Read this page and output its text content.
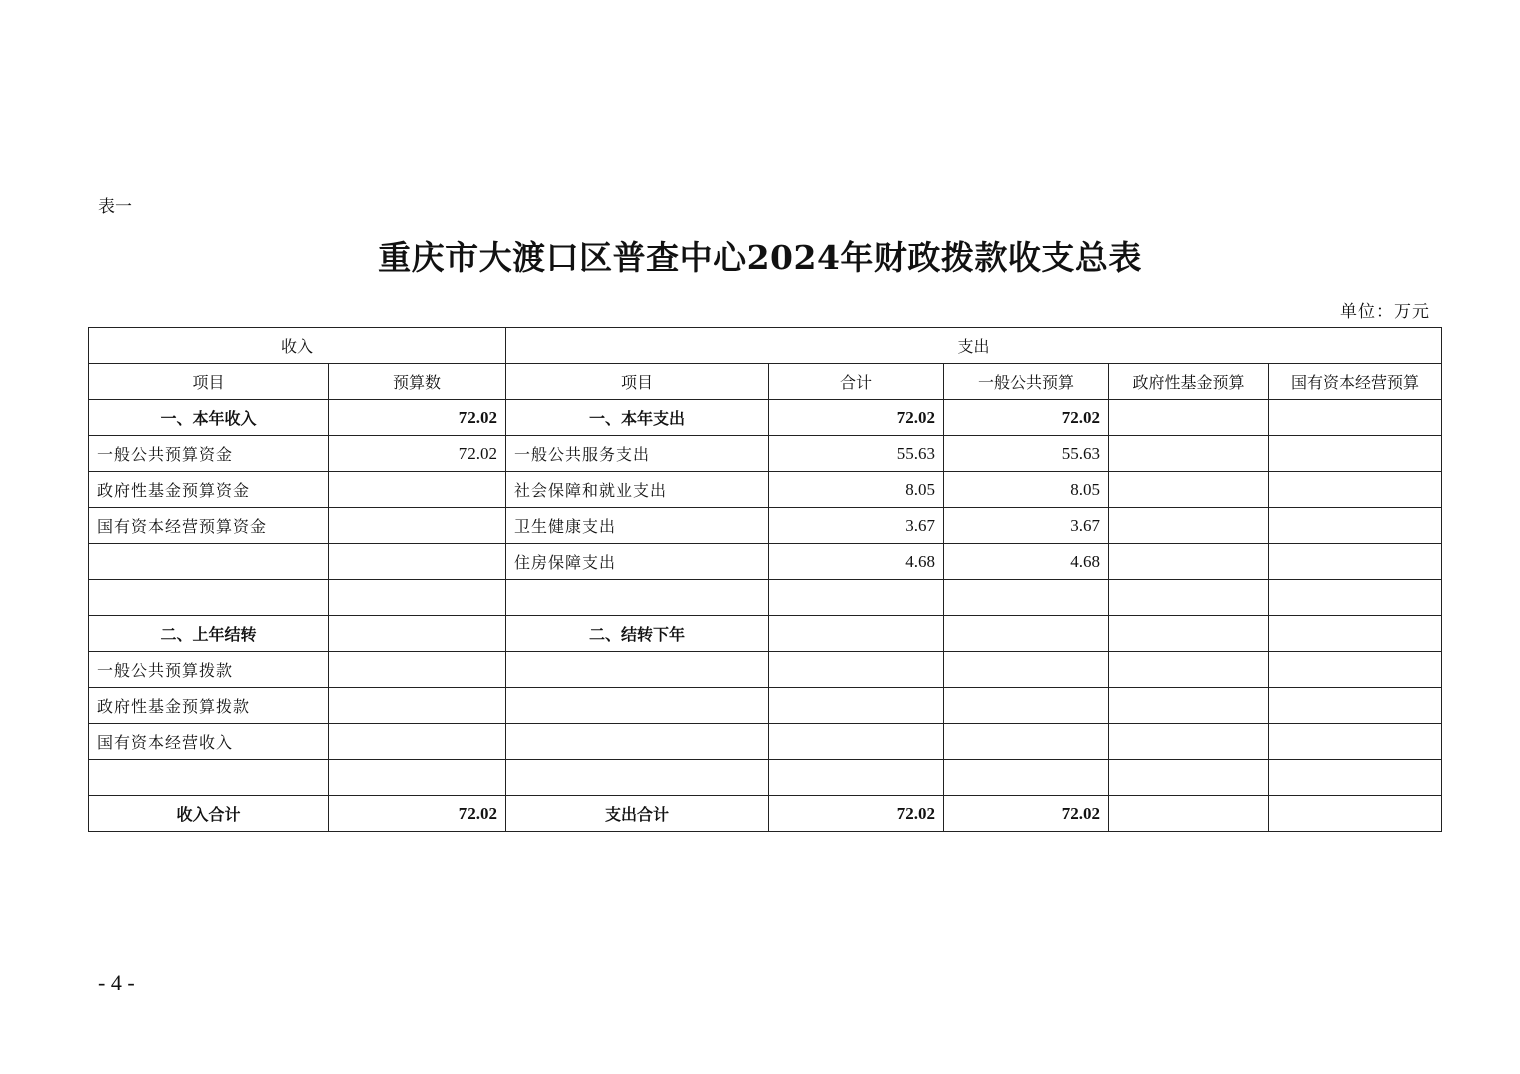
表一
重庆市大渡口区普查中心2024年财政拨款收支总表
单位：万元
收入		支出				
项目	预算数	项目	合计	一般公共预算	政府性基金预算	国有资本经营预算
一、本年收入	72.02	一、本年支出	72.02	72.02		
一般公共预算资金	72.02	一般公共服务支出	55.63	55.63		
政府性基金预算资金		社会保障和就业支出	8.05	8.05		
国有资本经营预算资金		卫生健康支出	3.67	3.67		
		住房保障支出	4.68	4.68		

二、上年结转		二、结转下年				
一般公共预算拨款						
政府性基金预算拨款						
国有资本经营收入						

收入合计	72.02	支出合计	72.02	72.02		
- 4 -
